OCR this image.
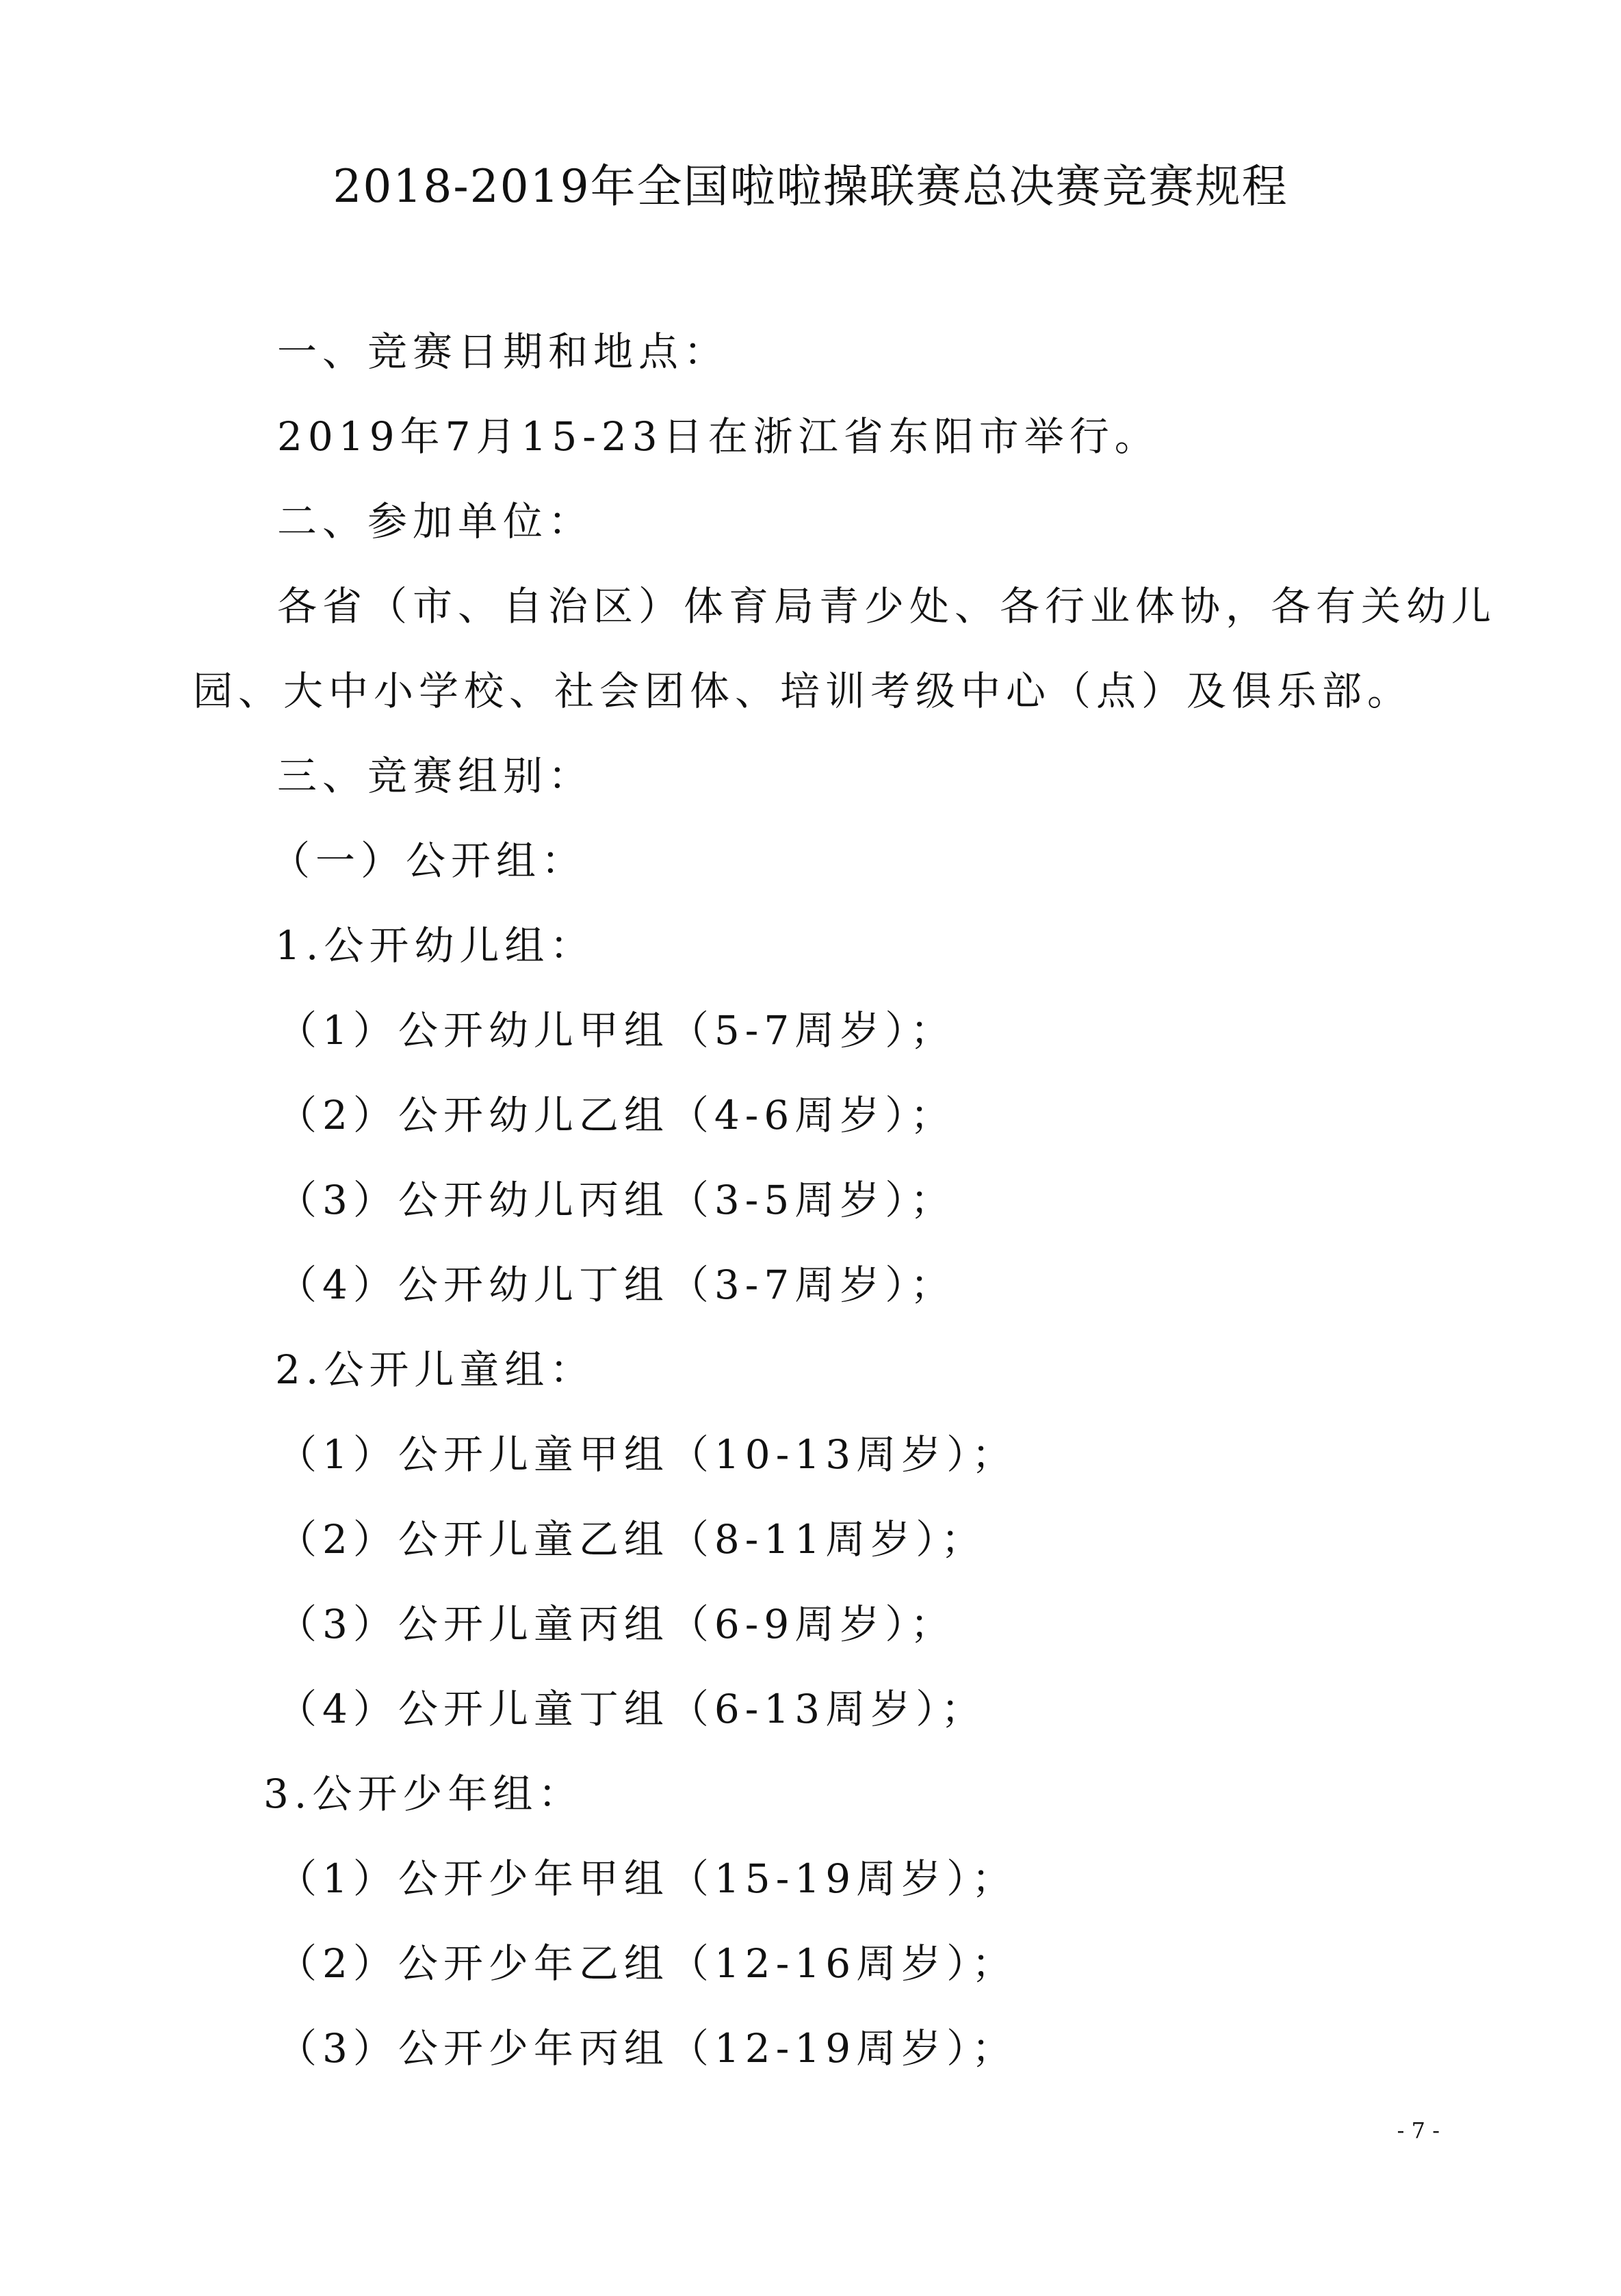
2018-2019年全国啦啦操联赛总决赛竞赛规程
一、竞赛日期和地点：
2019年7月15-23日在浙江省东阳市举行。
二、参加单位：
各省（市、自治区）体育局青少处、各行业体协，各有关幼儿
园、大中小学校、社会团体、培训考级中心（点）及俱乐部。
三、竞赛组别：
（一）公开组：
1.公开幼儿组：
（1）公开幼儿甲组（5-7周岁）；
（2）公开幼儿乙组（4-6周岁）；
（3）公开幼儿丙组（3-5周岁）；
（4）公开幼儿丁组（3-7周岁）；
2.公开儿童组：
（1）公开儿童甲组（10-13周岁）；
（2）公开儿童乙组（8-11周岁）；
（3）公开儿童丙组（6-9周岁）；
（4）公开儿童丁组（6-13周岁）；
3.公开少年组：
（1）公开少年甲组（15-19周岁）；
（2）公开少年乙组（12-16周岁）；
（3）公开少年丙组（12-19周岁）；
- 7 -
